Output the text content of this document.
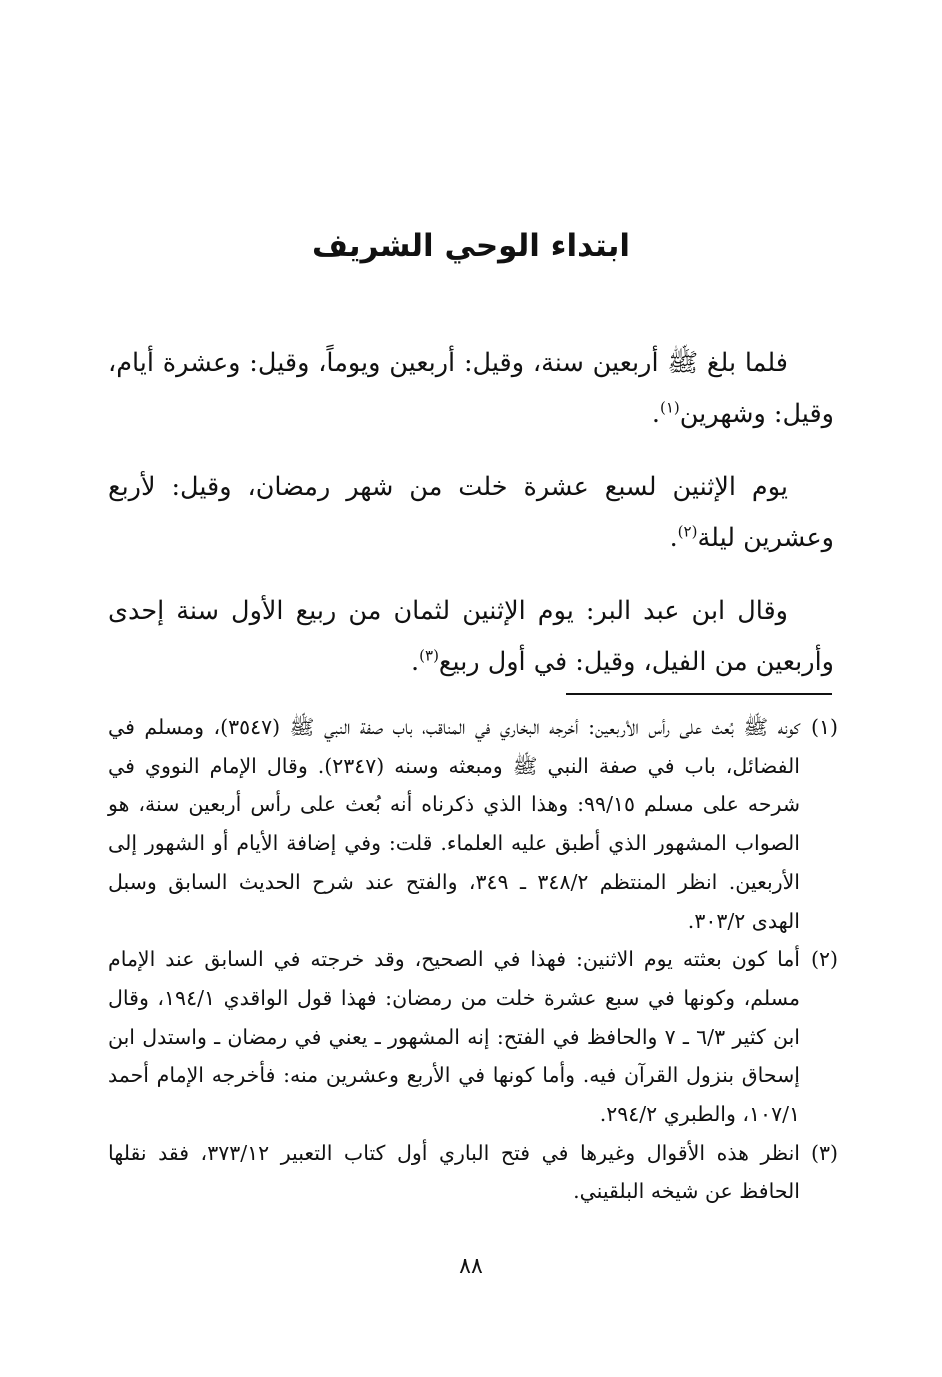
ابتداء الوحي الشريف

فلما بلغ ﷺ أربعين سنة، وقيل: أربعين ويوماً، وقيل: وعشرة أيام، وقيل: وشهرين$^{(١)}$.

يوم الإثنين لسبع عشرة خلت من شهر رمضان، وقيل: لأربع وعشرين ليلة$^{(٢)}$.

وقال ابن عبد البر: يوم الإثنين لثمان من ربيع الأول سنة إحدى وأربعين من الفيل، وقيل: في أول ربيع$^{(٣)}$.

(١)
كونه ﷺ بُعث على رأس الأربعين: أخرجه البخاري في المناقب، باب صفة النبي ﷺ (٣٥٤٧)، ومسلم في الفضائل، باب في صفة النبي ﷺ ومبعثه وسنه (٢٣٤٧). وقال الإمام النووي في شرحه على مسلم ٩٩/١٥: وهذا الذي ذكرناه أنه بُعث على رأس أربعين سنة، هو الصواب المشهور الذي أطبق عليه العلماء. قلت: وفي إضافة الأيام أو الشهور إلى الأربعين. انظر المنتظم ٣٤٨/٢ ـ ٣٤٩، والفتح عند شرح الحديث السابق وسبل الهدى ٣٠٣/٢.
(٢)
أما كون بعثته يوم الاثنين: فهذا في الصحيح، وقد خرجته في السابق عند الإمام مسلم، وكونها في سبع عشرة خلت من رمضان: فهذا قول الواقدي ١٩٤/١، وقال ابن كثير ٦/٣ ـ ٧ والحافظ في الفتح: إنه المشهور ـ يعني في رمضان ـ واستدل ابن إسحاق بنزول القرآن فيه. وأما كونها في الأربع وعشرين منه: فأخرجه الإمام أحمد ١٠٧/١، والطبري ٢٩٤/٢.
(٣)
انظر هذه الأقوال وغيرها في فتح الباري أول كتاب التعبير ٣٧٣/١٢، فقد نقلها الحافظ عن شيخه البلقيني.
٨٨
